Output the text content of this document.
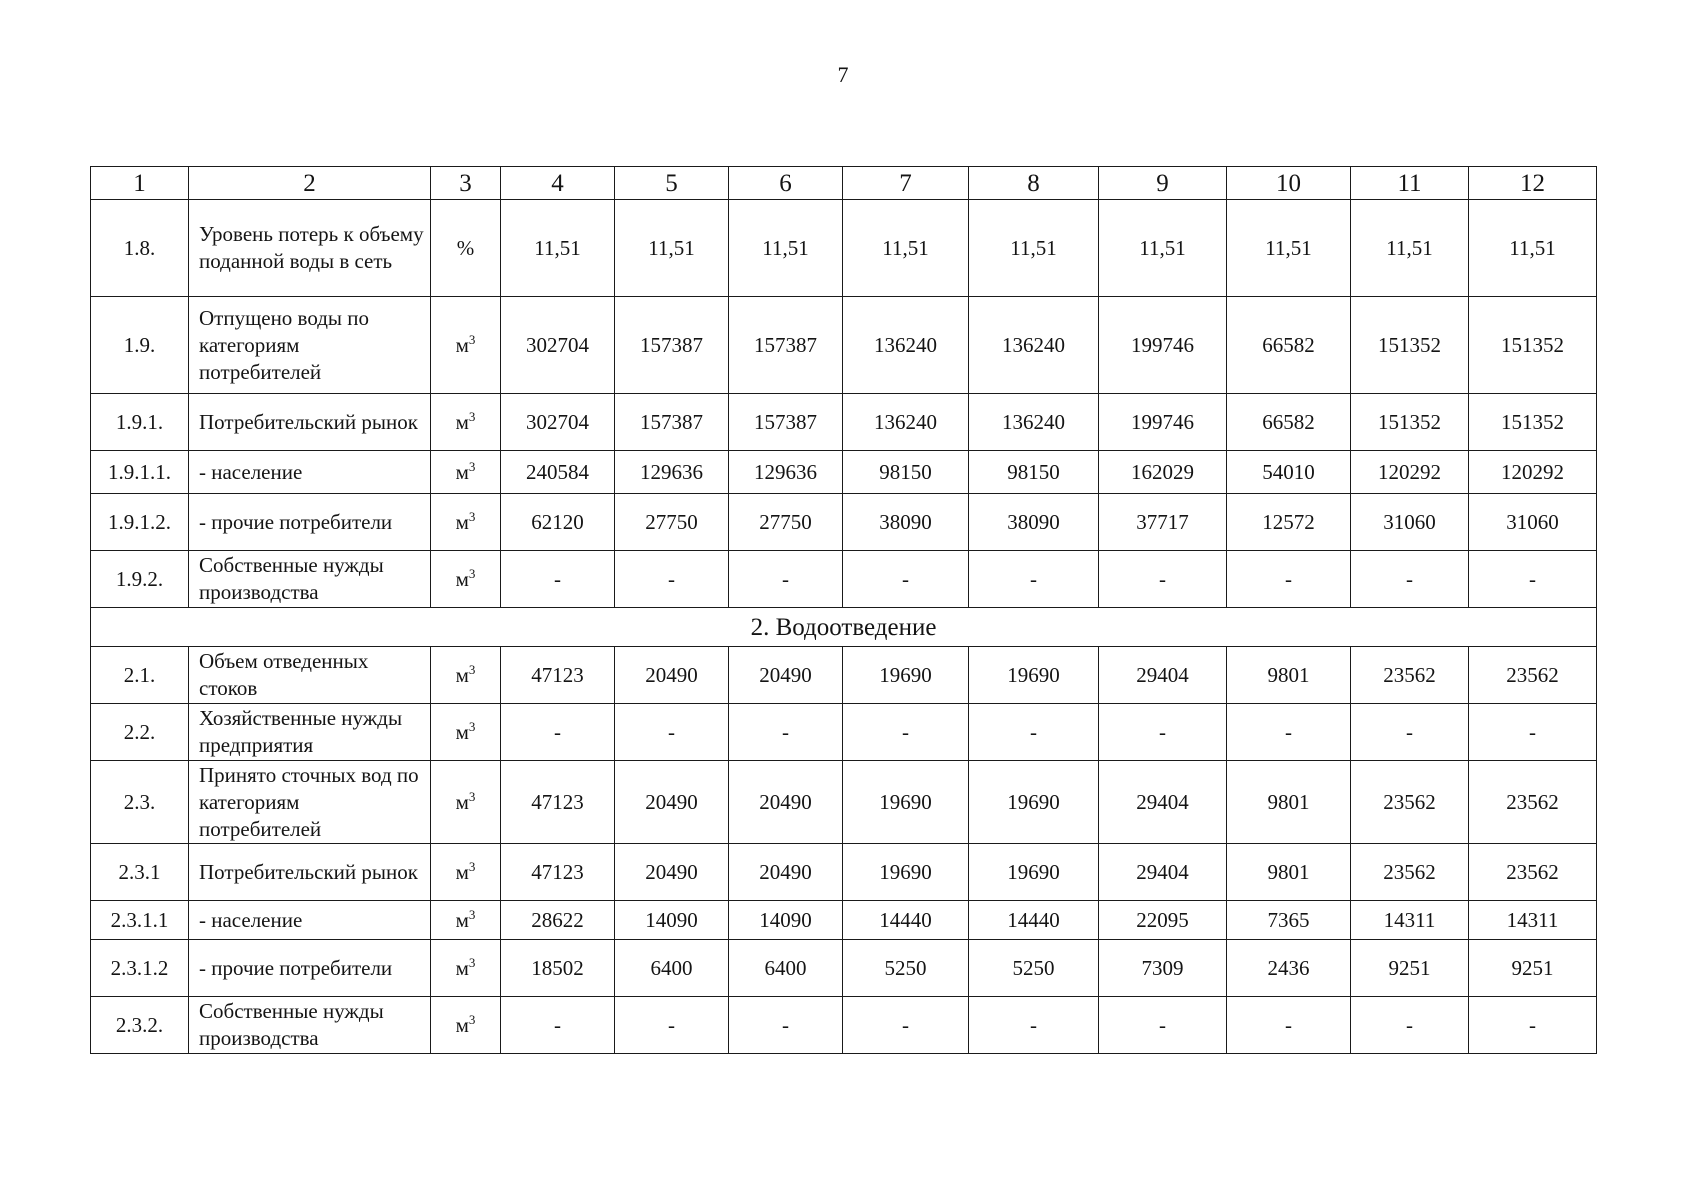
7
1	2	3	4	5	6	7	8	9	10	11	12
1.8.	Уровень потерь к объему поданной воды в сеть	%	11,51	11,51	11,51	11,51	11,51	11,51	11,51	11,51	11,51
1.9.	Отпущено воды по категориям потребителей	$м^3$	302704	157387	157387	136240	136240	199746	66582	151352	151352
1.9.1.	Потребительский рынок	$м^3$	302704	157387	157387	136240	136240	199746	66582	151352	151352
1.9.1.1.	- население	$м^3$	240584	129636	129636	98150	98150	162029	54010	120292	120292
1.9.1.2.	- прочие потребители	$м^3$	62120	27750	27750	38090	38090	37717	12572	31060	31060
1.9.2.	Собственные нужды производства	$м^3$	-	-	-	-	-	-	-	-	-
2. Водоотведение											
2.1.	Объем отведенных стоков	$м^3$	47123	20490	20490	19690	19690	29404	9801	23562	23562
2.2.	Хозяйственные нужды предприятия	$м^3$	-	-	-	-	-	-	-	-	-
2.3.	Принято сточных вод по категориям потребителей	$м^3$	47123	20490	20490	19690	19690	29404	9801	23562	23562
2.3.1	Потребительский рынок	$м^3$	47123	20490	20490	19690	19690	29404	9801	23562	23562
2.3.1.1	- население	$м^3$	28622	14090	14090	14440	14440	22095	7365	14311	14311
2.3.1.2	- прочие потребители	$м^3$	18502	6400	6400	5250	5250	7309	2436	9251	9251
2.3.2.	Собственные нужды производства	$м^3$	-	-	-	-	-	-	-	-	-
